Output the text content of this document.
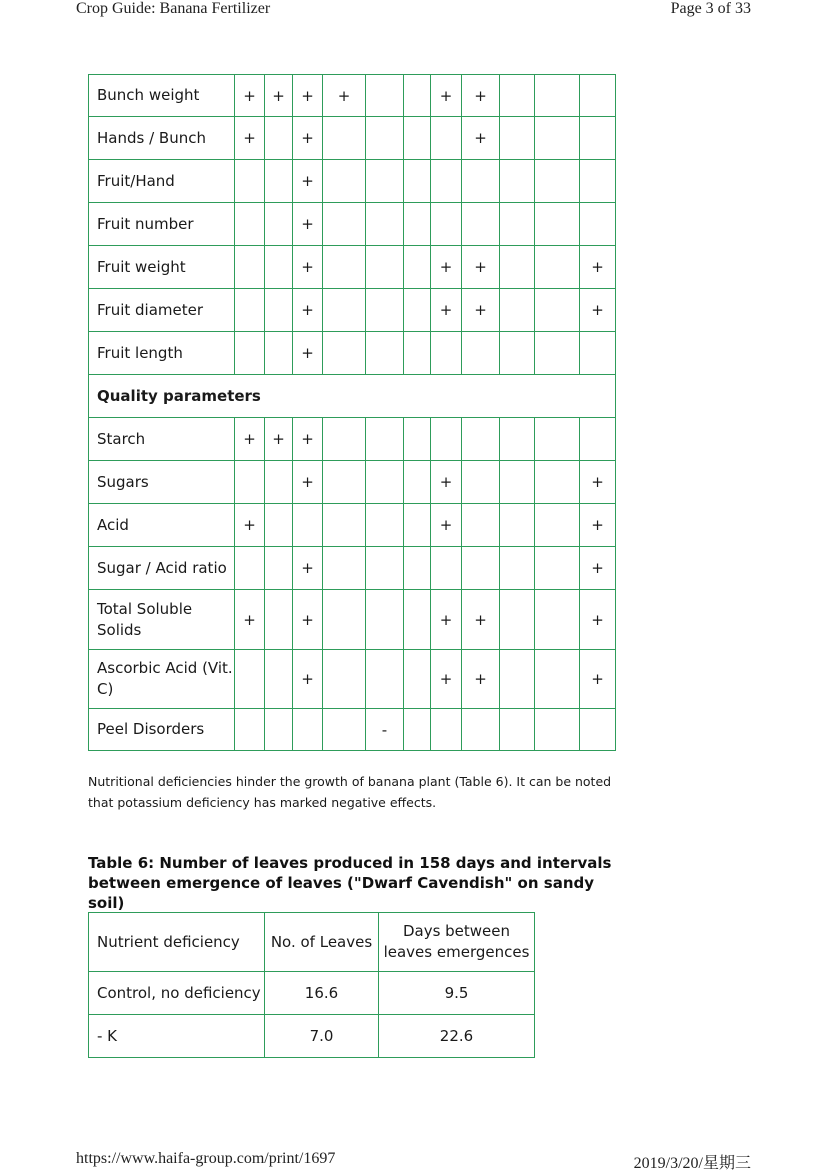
Crop Guide: Banana Fertilizer	Page 3 of 33
Bunch weight	+	+	+	+			+	+			
Hands / Bunch	+		+					+			
Fruit/Hand			+								
Fruit number			+								
Fruit weight			+				+	+			+
Fruit diameter			+				+	+			+
Fruit length			+								
Quality parameters											
Starch	+	+	+								
Sugars			+				+				+
Acid	+						+				+
Sugar / Acid ratio			+								+
Total Soluble Solids	+		+				+	+			+
Ascorbic Acid (Vit. C)			+				+	+			+
Peel Disorders					-						
Nutritional deficiencies hinder the growth of banana plant (Table 6). It can be noted that potassium deficiency has marked negative effects.
Table 6: Number of leaves produced in 158 days and intervals between emergence of leaves ("Dwarf Cavendish" on sandy soil)
Nutrient deficiency	No. of Leaves	Days between leaves emergences
Control, no deficiency	16.6	9.5
- K	7.0	22.6
https://www.haifa-group.com/print/1697	2019/3/20/星期三
